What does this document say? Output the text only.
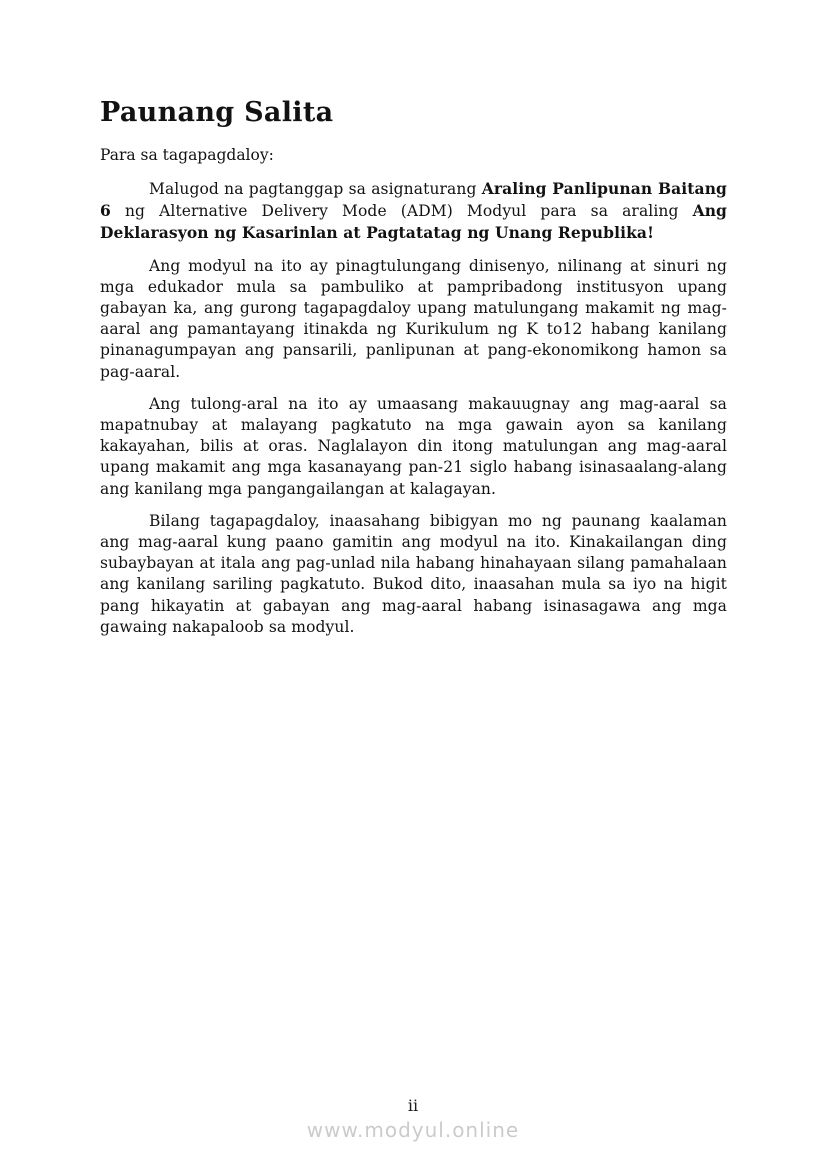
Paunang Salita

Para sa tagapagdaloy:

Malugod na pagtanggap sa asignaturang Araling Panlipunan Baitang 6 ng Alternative Delivery Mode (ADM) Modyul para sa araling Ang Deklarasyon ng Kasarinlan at Pagtatatag ng Unang Republika!

Ang modyul na ito ay pinagtulungang dinisenyo, nilinang at sinuri ng mga edukador mula sa pambuliko at pampribadong institusyon upang gabayan ka, ang gurong tagapagdaloy upang matulungang makamit ng mag-aaral ang pamantayang itinakda ng Kurikulum ng K to12 habang kanilang pinanagumpayan ang pansarili, panlipunan at pang-ekonomikong hamon sa pag-aaral.

Ang tulong-aral na ito ay umaasang makauugnay ang mag-aaral sa mapatnubay at malayang pagkatuto na mga gawain ayon sa kanilang kakayahan, bilis at oras. Naglalayon din itong matulungan ang mag-aaral upang makamit ang mga kasanayang pan-21 siglo habang isinasaalang-alang ang kanilang mga pangangailangan at kalagayan.

Bilang tagapagdaloy, inaasahang bibigyan mo ng paunang kaalaman ang mag-aaral kung paano gamitin ang modyul na ito. Kinakailangan ding subaybayan at itala ang pag-unlad nila habang hinahayaan silang pamahalaan ang kanilang sariling pagkatuto. Bukod dito, inaasahan mula sa iyo na higit pang hikayatin at gabayan ang mag-aaral habang isinasagawa ang mga gawaing nakapaloob sa modyul.

ii
www.modyul.online
